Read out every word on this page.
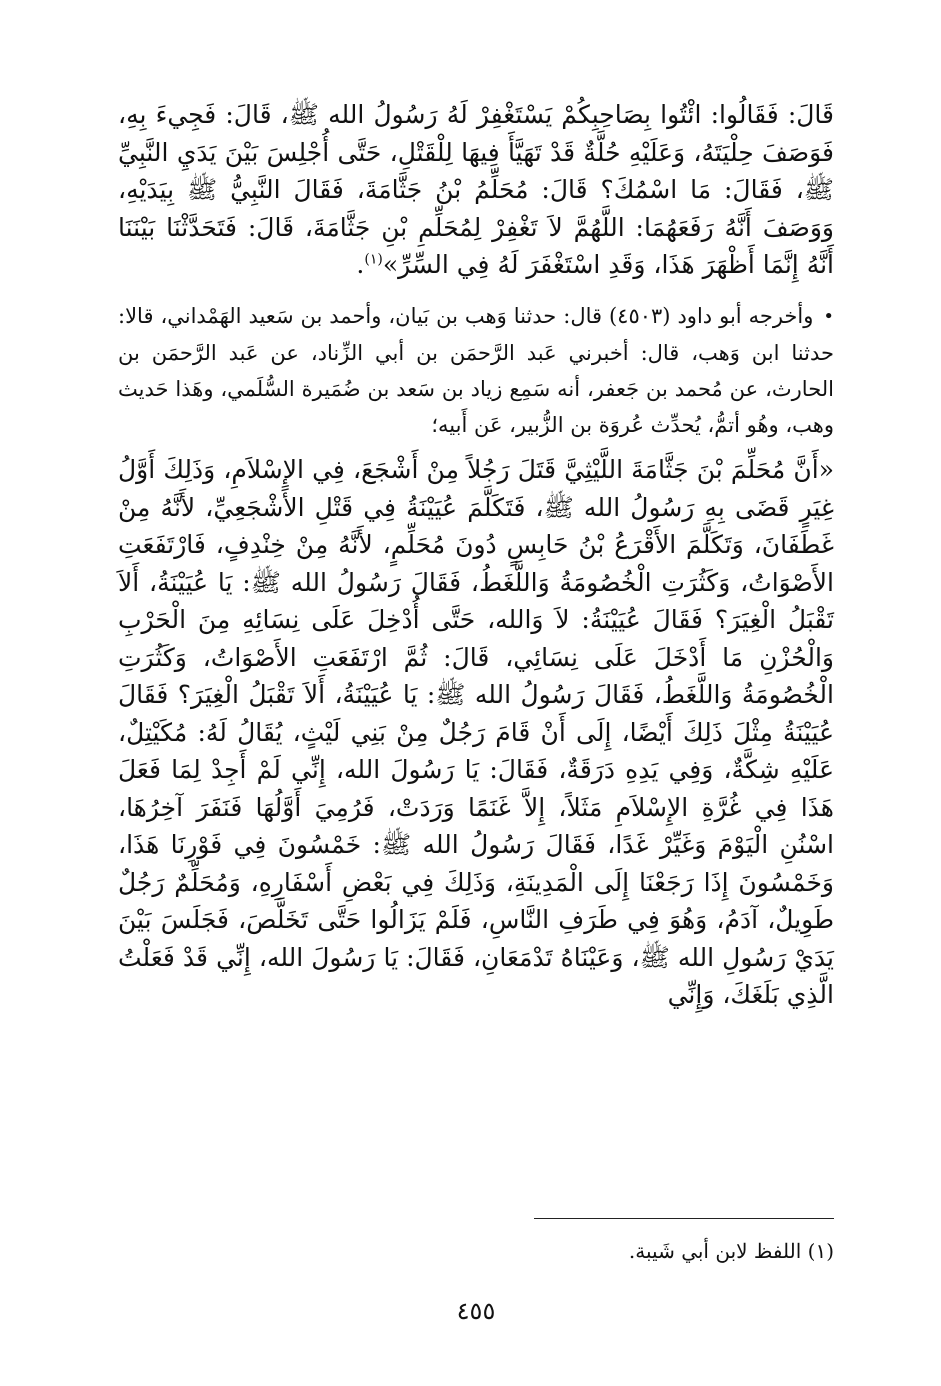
قَالَ: فَقَالُوا: ائْتُوا بِصَاحِبِكُمْ يَسْتَغْفِرْ لَهُ رَسُولُ الله ﷺ، قَالَ: فَجِيءَ بِهِ، فَوَصَفَ حِلْيَتَهُ، وَعَلَيْهِ حُلَّةٌ قَدْ تَهَيَّأَ فِيهَا لِلْقَتْلِ، حَتَّى أُجْلِسَ بَيْنَ يَدَيِ النَّبِيِّ ﷺ، فَقَالَ: مَا اسْمُكَ؟ قَالَ: مُحَلِّمُ بْنُ جَثَّامَةَ، فَقَالَ النَّبِيُّ ﷺ بِيَدَيْهِ، وَوَصَفَ أَنَّهُ رَفَعَهُمَا: اللَّهُمَّ لاَ تَغْفِرْ لِمُحَلِّمِ بْنِ جَثَّامَةَ، قَالَ: فَتَحَدَّثْنَا بَيْنَنَا أَنَّهُ إِنَّمَا أَظْهَرَ هَذَا، وَقَدِ اسْتَغْفَرَ لَهُ فِي السِّرِّ»$^{(١)}$.

•وأخرجه أبو داود (٤٥٠٣) قال: حدثنا وَهب بن بَيان، وأحمد بن سَعيد الهَمْداني، قالا: حدثنا ابن وَهب، قال: أخبرني عَبد الرَّحمَن بن أبي الزِّناد، عن عَبد الرَّحمَن بن الحارث، عن مُحمد بن جَعفر، أنه سَمِع زياد بن سَعد بن ضُمَيرة السُّلَمي، وهَذا حَديث وهب، وهُو أتمُّ، يُحدِّث عُروَة بن الزُّبير، عَن أَبيه؛

«أَنَّ مُحَلِّمَ بْنَ جَثَّامَةَ اللَّيْثِيَّ قَتَلَ رَجُلاً مِنْ أَشْجَعَ، فِي الإِسْلاَمِ، وَذَلِكَ أَوَّلُ غِيَرٍ قَضَى بِهِ رَسُولُ الله ﷺ، فَتَكَلَّمَ عُيَيْنَةُ فِي قَتْلِ الأَشْجَعِيِّ، لأَنَّهُ مِنْ غَطَفَانَ، وَتَكَلَّمَ الأَقْرَعُ بْنُ حَابِسٍ دُونَ مُحَلِّمٍ، لأَنَّهُ مِنْ خِنْدِفٍ، فَارْتَفَعَتِ الأَصْوَاتُ، وَكَثُرَتِ الْخُصُومَةُ وَاللَّغَطُ، فَقَالَ رَسُولُ الله ﷺ: يَا عُيَيْنَةُ، أَلاَ تَقْبَلُ الْغِيَرَ؟ فَقَالَ عُيَيْنَةُ: لاَ وَالله، حَتَّى أُدْخِلَ عَلَى نِسَائِهِ مِنَ الْحَرْبِ وَالْحُزْنِ مَا أَدْخَلَ عَلَى نِسَائِي، قَالَ: ثُمَّ ارْتَفَعَتِ الأَصْوَاتُ، وَكَثُرَتِ الْخُصُومَةُ وَاللَّغَطُ، فَقَالَ رَسُولُ الله ﷺ: يَا عُيَيْنَةُ، أَلاَ تَقْبَلُ الْغِيَرَ؟ فَقَالَ عُيَيْنَةُ مِثْلَ ذَلِكَ أَيْضًا، إِلَى أَنْ قَامَ رَجُلٌ مِنْ بَنِي لَيْثٍ، يُقَالُ لَهُ: مُكَيْتِلٌ، عَلَيْهِ شِكَّةٌ، وَفِي يَدِهِ دَرَقَةٌ، فَقَالَ: يَا رَسُولَ الله، إِنِّي لَمْ أَجِدْ لِمَا فَعَلَ هَذَا فِي غُرَّةِ الإِسْلاَمِ مَثَلاً، إِلاَّ غَنَمًا وَرَدَتْ، فَرُمِيَ أَوَّلُهَا فَنَفَرَ آخِرُهَا، اسْنُنِ الْيَوْمَ وَغَيِّرْ غَدًا، فَقَالَ رَسُولُ الله ﷺ: خَمْسُونَ فِي فَوْرِنَا هَذَا، وَخَمْسُونَ إِذَا رَجَعْنَا إِلَى الْمَدِينَةِ، وَذَلِكَ فِي بَعْضِ أَسْفَارِهِ، وَمُحَلِّمٌ رَجُلٌ طَوِيلٌ، آدَمُ، وَهُوَ فِي طَرَفِ النَّاسِ، فَلَمْ يَزَالُوا حَتَّى تَخَلَّصَ، فَجَلَسَ بَيْنَ يَدَيْ رَسُولِ الله ﷺ، وَعَيْنَاهُ تَدْمَعَانِ، فَقَالَ: يَا رَسُولَ الله، إِنِّي قَدْ فَعَلْتُ الَّذِي بَلَغَكَ، وَإِنِّي

(١) اللفظ لابن أبي شَيبة.

٤٥٥
